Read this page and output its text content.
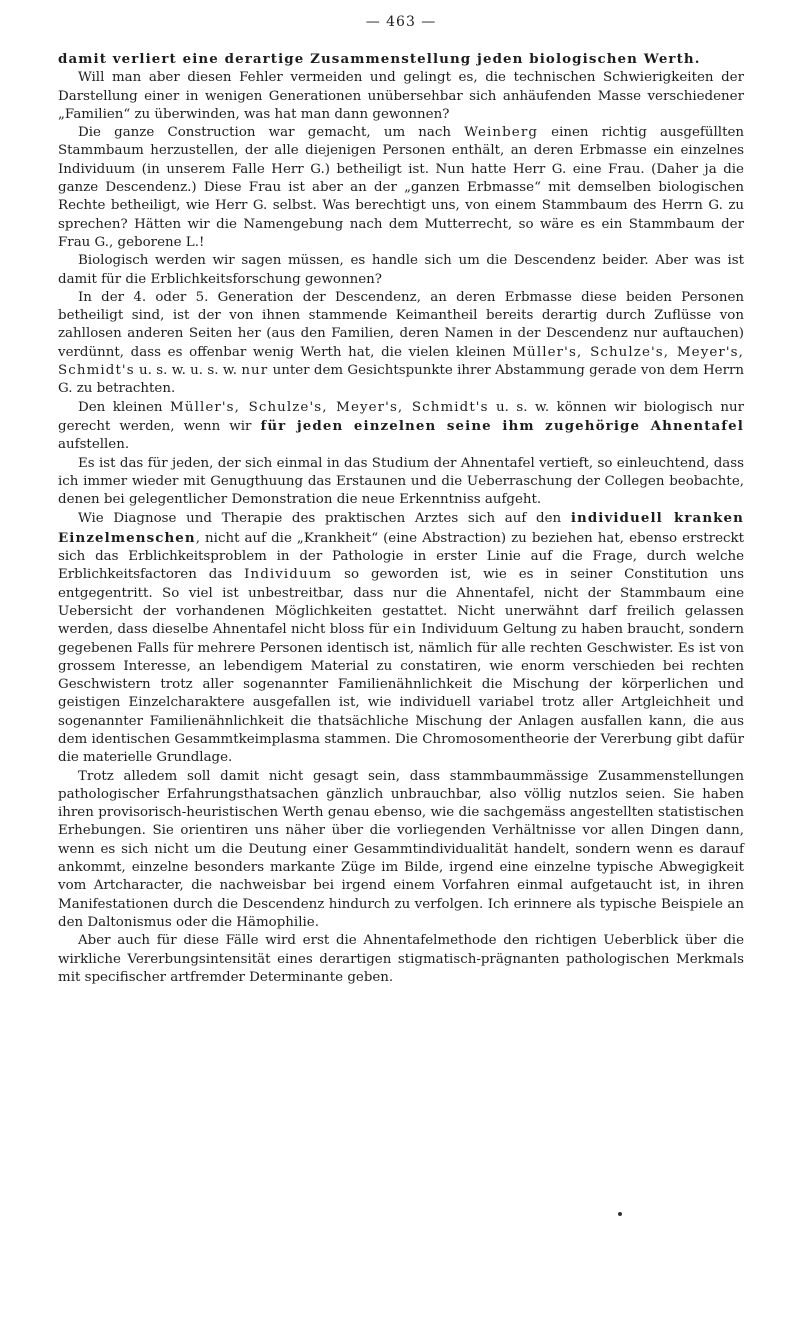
— 463 —

damit verliert eine derartige Zusammenstellung jeden biologischen Werth.

Will man aber diesen Fehler vermeiden und gelingt es, die technischen Schwierigkeiten der Darstellung einer in wenigen Generationen unübersehbar sich anhäufenden Masse verschiedener „Familien“ zu überwinden, was hat man dann gewonnen?

Die ganze Construction war gemacht, um nach Weinberg einen richtig ausgefüllten Stammbaum herzustellen, der alle diejenigen Personen enthält, an deren Erbmasse ein einzelnes Individuum (in unserem Falle Herr G.) betheiligt ist. Nun hatte Herr G. eine Frau. (Daher ja die ganze Descendenz.) Diese Frau ist aber an der „ganzen Erbmasse“ mit demselben biologischen Rechte betheiligt, wie Herr G. selbst. Was berechtigt uns, von einem Stammbaum des Herrn G. zu sprechen? Hätten wir die Namengebung nach dem Mutterrecht, so wäre es ein Stammbaum der Frau G., geborene L.!

Biologisch werden wir sagen müssen, es handle sich um die Descendenz beider. Aber was ist damit für die Erblichkeitsforschung gewonnen?

In der 4. oder 5. Generation der Descendenz, an deren Erbmasse diese beiden Personen betheiligt sind, ist der von ihnen stammende Keimantheil bereits derartig durch Zuflüsse von zahllosen anderen Seiten her (aus den Familien, deren Namen in der Descendenz nur auftauchen) verdünnt, dass es offenbar wenig Werth hat, die vielen kleinen Müller's, Schulze's, Meyer's, Schmidt's u. s. w. u. s. w. nur unter dem Gesichtspunkte ihrer Abstammung gerade von dem Herrn G. zu betrachten.

Den kleinen Müller's, Schulze's, Meyer's, Schmidt's u. s. w. können wir biologisch nur gerecht werden, wenn wir für jeden einzelnen seine ihm zugehörige Ahnentafel aufstellen.

Es ist das für jeden, der sich einmal in das Studium der Ahnentafel vertieft, so einleuchtend, dass ich immer wieder mit Genugthuung das Erstaunen und die Ueberraschung der Collegen beobachte, denen bei gelegentlicher Demonstration die neue Erkenntniss aufgeht.

Wie Diagnose und Therapie des praktischen Arztes sich auf den individuell kranken Einzelmenschen, nicht auf die „Krankheit“ (eine Abstraction) zu beziehen hat, ebenso erstreckt sich das Erblichkeitsproblem in der Pathologie in erster Linie auf die Frage, durch welche Erblichkeitsfactoren das Individuum so geworden ist, wie es in seiner Constitution uns entgegentritt. So viel ist unbestreitbar, dass nur die Ahnentafel, nicht der Stammbaum eine Uebersicht der vorhandenen Möglichkeiten gestattet. Nicht unerwähnt darf freilich gelassen werden, dass dieselbe Ahnentafel nicht bloss für ein Individuum Geltung zu haben braucht, sondern gegebenen Falls für mehrere Personen identisch ist, nämlich für alle rechten Geschwister. Es ist von grossem Interesse, an lebendigem Material zu constatiren, wie enorm verschieden bei rechten Geschwistern trotz aller sogenannter Familienähnlichkeit die Mischung der körperlichen und geistigen Einzelcharaktere ausgefallen ist, wie individuell variabel trotz aller Artgleichheit und sogenannter Familienähnlichkeit die thatsächliche Mischung der Anlagen ausfallen kann, die aus dem identischen Gesammtkeimplasma stammen. Die Chromosomentheorie der Vererbung gibt dafür die materielle Grundlage.

Trotz alledem soll damit nicht gesagt sein, dass stammbaummässige Zusammenstellungen pathologischer Erfahrungsthatsachen gänzlich unbrauchbar, also völlig nutzlos seien. Sie haben ihren provisorisch-heuristischen Werth genau ebenso, wie die sachgemäss angestellten statistischen Erhebungen. Sie orientiren uns näher über die vorliegenden Verhältnisse vor allen Dingen dann, wenn es sich nicht um die Deutung einer Gesammtindividualität handelt, sondern wenn es darauf ankommt, einzelne besonders markante Züge im Bilde, irgend eine einzelne typische Abwegigkeit vom Artcharacter, die nachweisbar bei irgend einem Vorfahren einmal aufgetaucht ist, in ihren Manifestationen durch die Descendenz hindurch zu verfolgen. Ich erinnere als typische Beispiele an den Daltonismus oder die Hämophilie.

Aber auch für diese Fälle wird erst die Ahnentafelmethode den richtigen Ueberblick über die wirkliche Vererbungsintensität eines derartigen stigmatisch-prägnanten pathologischen Merkmals mit specifischer artfremder Determinante geben.
